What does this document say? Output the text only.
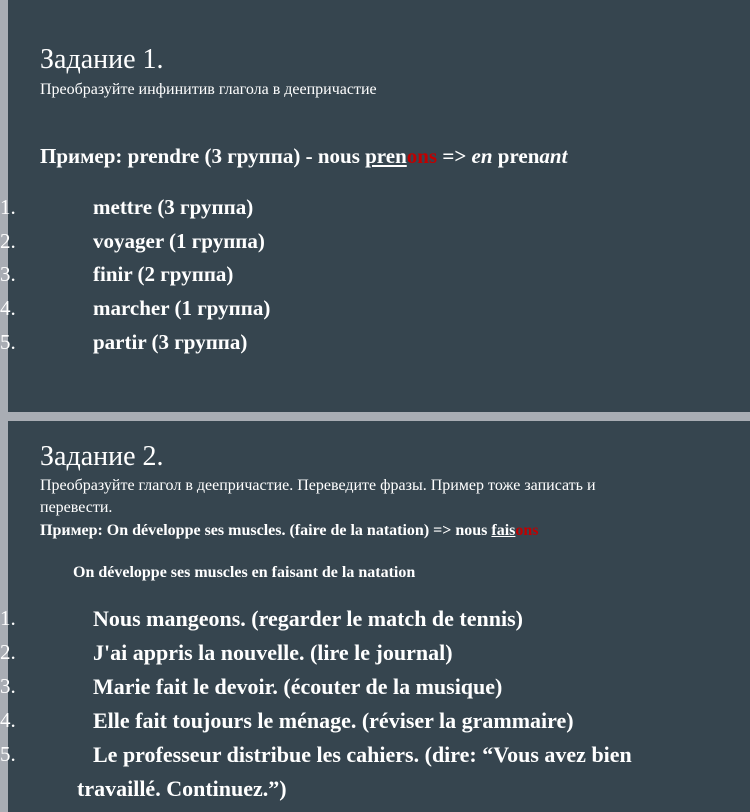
Задание 1.
Преобразуйте инфинитив глагола в деепричастие
Пример: prendre (3 группа) - nous prenons => en prenant
1.	mettre (3 группа)
2.	voyager (1 группа)
3.	finir (2 группа)
4.	marcher (1 группа)
5.	partir (3 группа)
Задание 2.
Преобразуйте глагол в деепричастие. Переведите фразы. Пример тоже записать и
перевести.
Пример: On développe ses muscles. (faire de la natation) => nous faisons
On développe ses muscles en faisant de la natation
1.	Nous mangeons. (regarder le match de tennis)
2.	J'ai appris la nouvelle. (lire le journal)
3.	Marie fait le devoir. (écouter de la musique)
4.	Elle fait toujours le ménage. (réviser la grammaire)
5.	Le professeur distribue les cahiers. (dire: “Vous avez bien
travaillé. Continuez.”)
